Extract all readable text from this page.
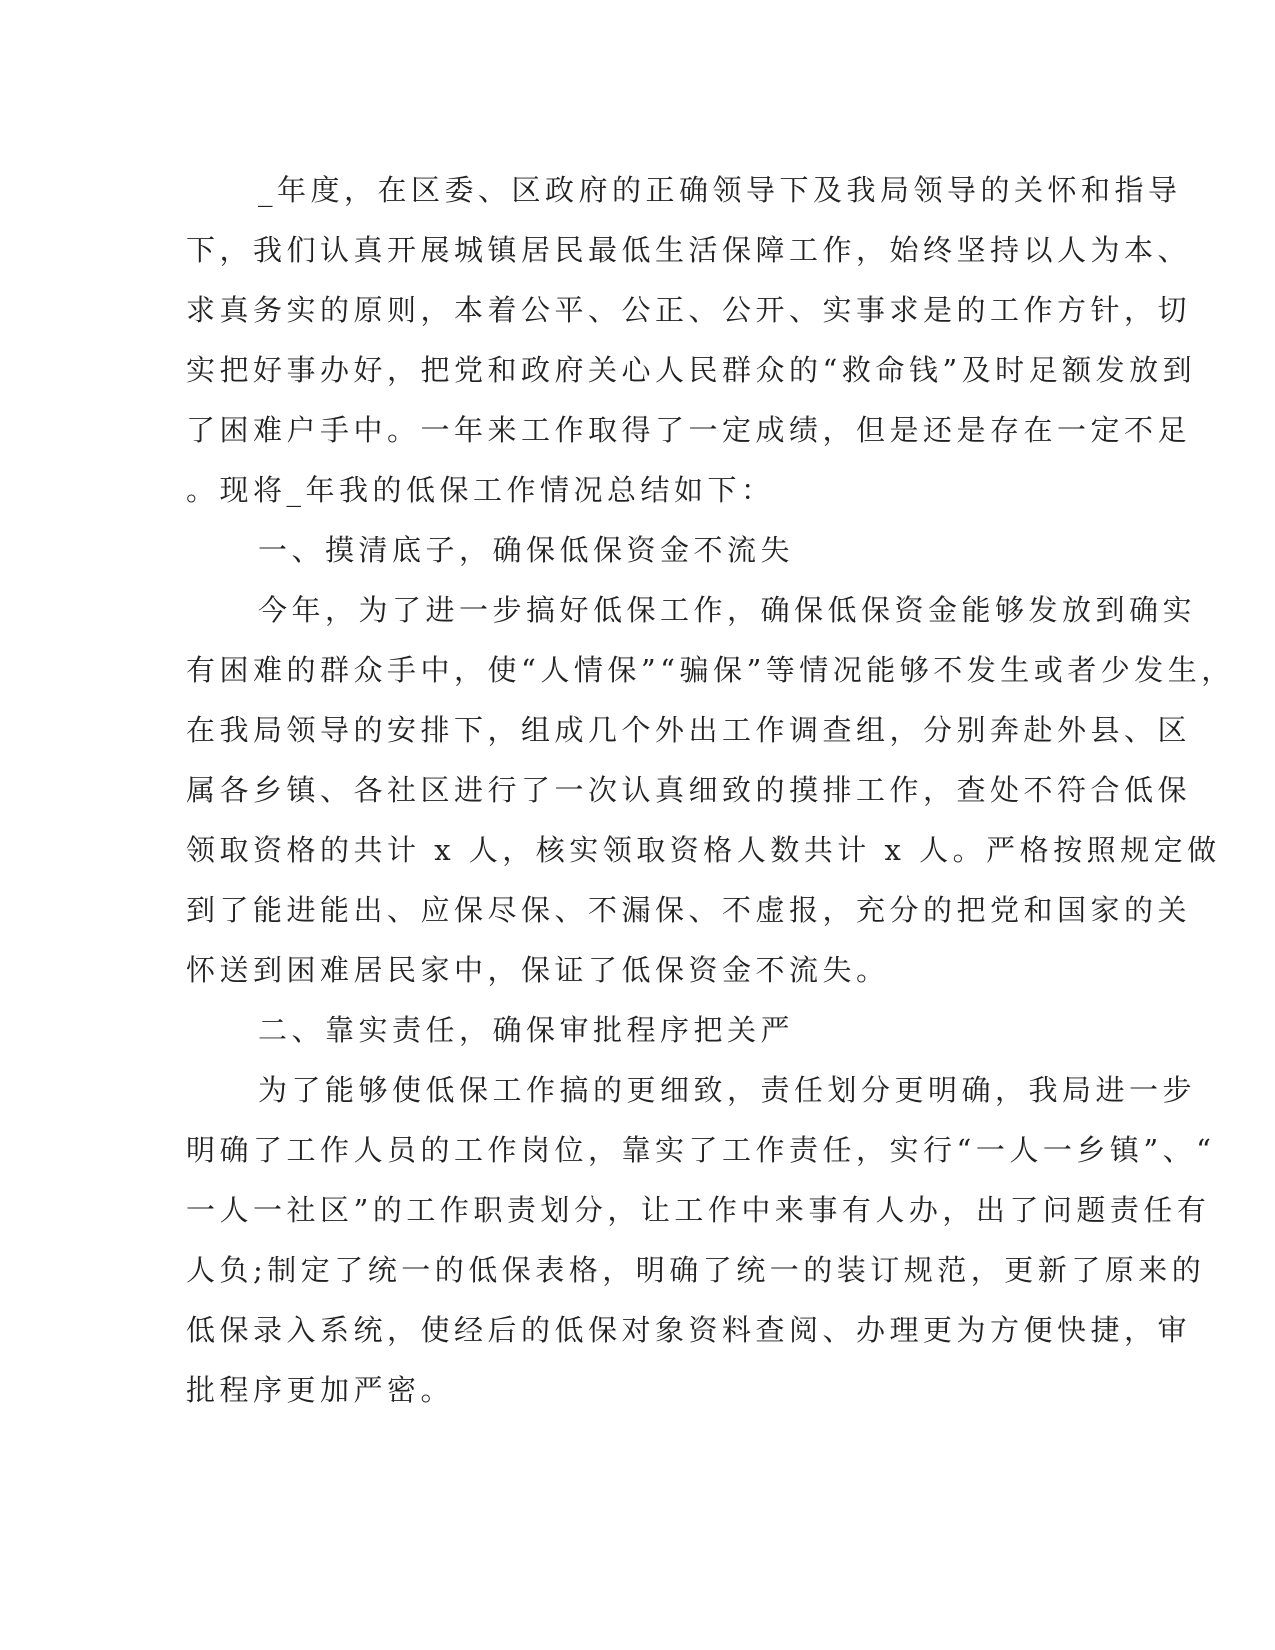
_年度，在区委、区政府的正确领导下及我局领导的关怀和指导
下，我们认真开展城镇居民最低生活保障工作，始终坚持以人为本、
求真务实的原则，本着公平、公正、公开、实事求是的工作方针，切
实把好事办好，把党和政府关心人民群众的“救命钱”及时足额发放到
了困难户手中。一年来工作取得了一定成绩，但是还是存在一定不足
。现将_年我的低保工作情况总结如下：
一、摸清底子，确保低保资金不流失
今年，为了进一步搞好低保工作，确保低保资金能够发放到确实
有困难的群众手中，使“人情保”“骗保”等情况能够不发生或者少发生，
在我局领导的安排下，组成几个外出工作调查组，分别奔赴外县、区
属各乡镇、各社区进行了一次认真细致的摸排工作，查处不符合低保
领取资格的共计 x 人，核实领取资格人数共计 x 人。严格按照规定做
到了能进能出、应保尽保、不漏保、不虚报，充分的把党和国家的关
怀送到困难居民家中，保证了低保资金不流失。
二、靠实责任，确保审批程序把关严
为了能够使低保工作搞的更细致，责任划分更明确，我局进一步
明确了工作人员的工作岗位，靠实了工作责任，实行“一人一乡镇”、“
一人一社区”的工作职责划分，让工作中来事有人办，出了问题责任有
人负;制定了统一的低保表格，明确了统一的装订规范，更新了原来的
低保录入系统，使经后的低保对象资料查阅、办理更为方便快捷，审
批程序更加严密。
